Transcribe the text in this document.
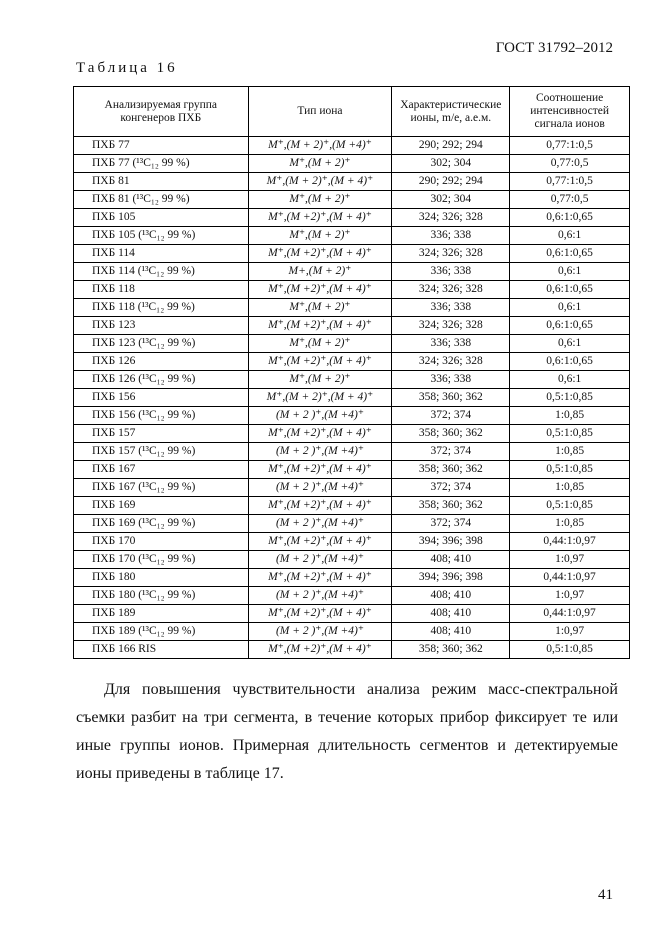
ГОСТ 31792–2012
Таблица 16
Анализируемая группа конгенеров ПХБ	Тип иона	Характеристические ионы, m/е, а.е.м.	Соотношение интенсивностей сигнала ионов
ПХБ 77	M⁺,(M + 2)⁺,(M +4)⁺	290; 292; 294	0,77:1:0,5
ПХБ 77 (¹³C₁₂ 99 %)	M⁺,(M + 2)⁺	302; 304	0,77:0,5
ПХБ 81	M⁺,(M + 2)⁺,(M + 4)⁺	290; 292; 294	0,77:1:0,5
ПХБ 81 (¹³C₁₂ 99 %)	M⁺,(M + 2)⁺	302; 304	0,77:0,5
ПХБ 105	M⁺,(M +2)⁺,(M + 4)⁺	324; 326; 328	0,6:1:0,65
ПХБ 105 (¹³C₁₂ 99 %)	M⁺,(M + 2)⁺	336; 338	0,6:1
ПХБ 114	M⁺,(M +2)⁺,(M + 4)⁺	324; 326; 328	0,6:1:0,65
ПХБ 114 (¹³C₁₂ 99 %)	M+,(M + 2)⁺	336; 338	0,6:1
ПХБ 118	M⁺,(M +2)⁺,(M + 4)⁺	324; 326; 328	0,6:1:0,65
ПХБ 118 (¹³C₁₂ 99 %)	M⁺,(M + 2)⁺	336; 338	0,6:1
ПХБ 123	M⁺,(M +2)⁺,(M + 4)⁺	324; 326; 328	0,6:1:0,65
ПХБ 123 (¹³C₁₂ 99 %)	M⁺,(M + 2)⁺	336; 338	0,6:1
ПХБ 126	M⁺,(M +2)⁺,(M + 4)⁺	324; 326; 328	0,6:1:0,65
ПХБ 126 (¹³C₁₂ 99 %)	M⁺,(M + 2)⁺	336; 338	0,6:1
ПХБ 156	M⁺,(M + 2)⁺,(M + 4)⁺	358; 360; 362	0,5:1:0,85
ПХБ 156 (¹³C₁₂ 99 %)	(M + 2 )⁺,(M +4)⁺	372; 374	1:0,85
ПХБ 157	M⁺,(M +2)⁺,(M + 4)⁺	358; 360; 362	0,5:1:0,85
ПХБ 157 (¹³C₁₂ 99 %)	(M + 2 )⁺,(M +4)⁺	372; 374	1:0,85
ПХБ 167	M⁺,(M +2)⁺,(M + 4)⁺	358; 360; 362	0,5:1:0,85
ПХБ 167 (¹³C₁₂ 99 %)	(M + 2 )⁺,(M +4)⁺	372; 374	1:0,85
ПХБ 169	M⁺,(M +2)⁺,(M + 4)⁺	358; 360; 362	0,5:1:0,85
ПХБ 169 (¹³C₁₂ 99 %)	(M + 2 )⁺,(M +4)⁺	372; 374	1:0,85
ПХБ 170	M⁺,(M +2)⁺,(M + 4)⁺	394; 396; 398	0,44:1:0,97
ПХБ 170 (¹³C₁₂ 99 %)	(M + 2 )⁺,(M +4)⁺	408; 410	1:0,97
ПХБ 180	M⁺,(M +2)⁺,(M + 4)⁺	394; 396; 398	0,44:1:0,97
ПХБ 180 (¹³C₁₂ 99 %)	(M + 2 )⁺,(M +4)⁺	408; 410	1:0,97
ПХБ 189	M⁺,(M +2)⁺,(M + 4)⁺	408; 410	0,44:1:0,97
ПХБ 189 (¹³C₁₂ 99 %)	(M + 2 )⁺,(M +4)⁺	408; 410	1:0,97
ПХБ 166 RIS	M⁺,(M +2)⁺,(M + 4)⁺	358; 360; 362	0,5:1:0,85

Для повышения чувствительности анализа режим масс-спектральной съемки разбит на три сегмента, в течение которых прибор фиксирует те или иные группы ионов. Примерная длительность сегментов и детектируемые ионы приведены в таблице 17.

41
